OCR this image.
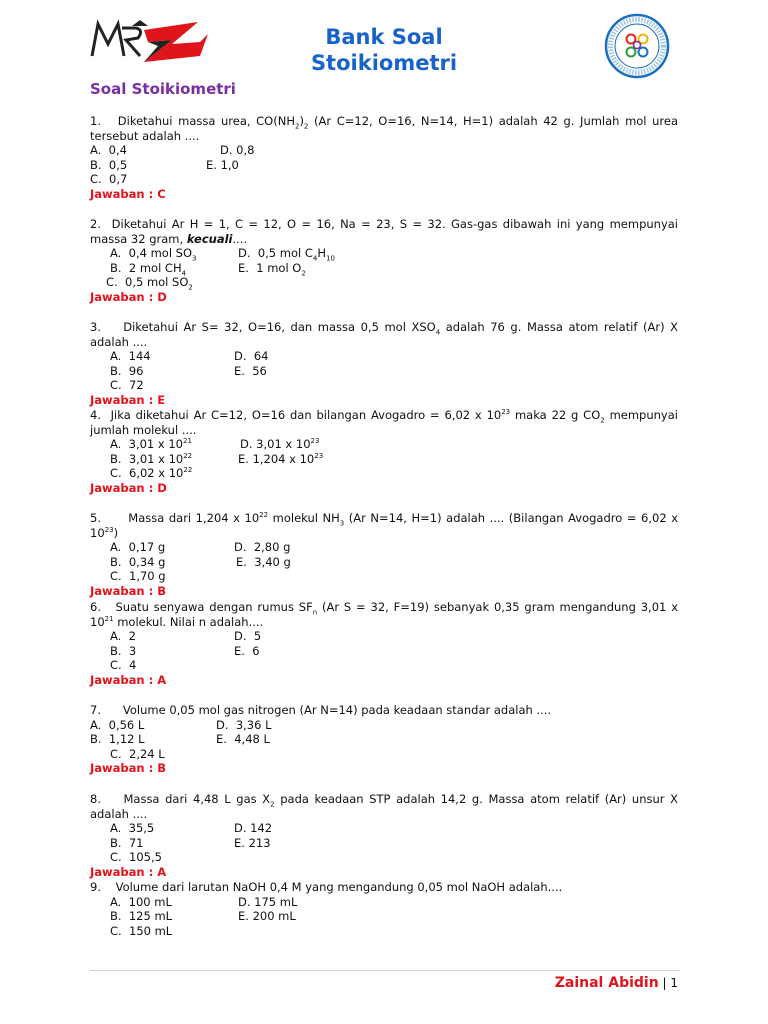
Bank Soal
Stoikiometri
Soal Stoikiometri
1.   Diketahui massa urea, $CO(NH_2)_2$ (Ar C=12, O=16, N=14, H=1) adalah 42 g. Jumlah mol urea tersebut adalah ....
A.  0,4	D. 0,8
B.  0,5	E. 1,0
C.  0,7
Jawaban : C
2.  Diketahui Ar H = 1, C = 12, O = 16, Na = 23, S = 32. Gas-gas dibawah ini yang mempunyai massa 32 gram, kecuali....
A.  0,4 mol $SO_3$	D.  0,5 mol $C_4H_{10}$
B.  2 mol $CH_4$	E.  1 mol $O_2$
C.  0,5 mol $SO_2$
Jawaban : D
3.    Diketahui Ar S= 32, O=16, dan massa 0,5 mol $XSO_4$ adalah 76 g. Massa atom relatif (Ar) X adalah ....
A.  144	D.  64
B.  96	E.  56
C.  72
Jawaban : E
4.  Jika diketahui Ar C=12, O=16 dan bilangan Avogadro = 6,02 x $10^{23}$ maka 22 g $CO_2$ mempunyai jumlah molekul ....
A.  3,01 x $10^{21}$	D. 3,01 x $10^{23}$
B.  3,01 x $10^{22}$	E. 1,204 x $10^{23}$
C.  6,02 x $10^{22}$
Jawaban : D
5.      Massa dari 1,204 x $10^{22}$ molekul $NH_3$ (Ar N=14, H=1) adalah .... (Bilangan Avogadro = 6,02 x $10^{23}$)
A.  0,17 g	D.  2,80 g
B.  0,34 g	E.  3,40 g
C.  1,70 g
Jawaban : B
6.   Suatu senyawa dengan rumus $SF_n$ (Ar S = 32, F=19) sebanyak 0,35 gram mengandung 3,01 x $10^{21}$ molekul. Nilai n adalah....
A.  2	D.  5
B.  3	E.  6
C.  4
Jawaban : A
7.      Volume 0,05 mol gas nitrogen (Ar N=14) pada keadaan standar adalah ....
A.  0,56 L	D.  3,36 L
B.  1,12 L	E.  4,48 L
C.  2,24 L
Jawaban : B
8.    Massa dari 4,48 L gas $X_2$ pada keadaan STP adalah 14,2 g. Massa atom relatif (Ar) unsur X adalah ....
A.  35,5	D. 142
B.  71	E. 213
C.  105,5
Jawaban : A
9.    Volume dari larutan NaOH 0,4 M yang mengandung 0,05 mol NaOH adalah....
A.  100 mL	D. 175 mL
B.  125 mL	E. 200 mL
C.  150 mL
Zainal Abidin | 1
